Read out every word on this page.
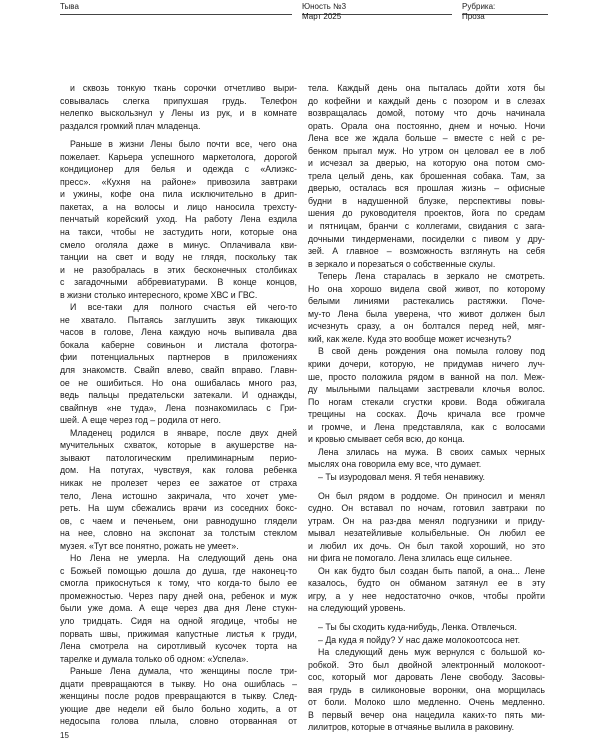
Тыва	Юность №3
Март 2025
Рубрика:
Проза
и сквозь тонкую ткань сорочки отчетливо выри-
совывалась слегка припухшая грудь. Телефон
нелепко выскользнул у Лены из рук, и в комнате
раздался громкий плач младенца.
Раньше в жизни Лены было почти все, чего она
пожелает. Карьера успешного маркетолога, дорогой
кондиционер для белья и одежда с «Алиэкс-
пресс». «Кухня на районе» привозила завтраки
и ужины, кофе она пила исключительно в дрип-
пакетах, а на волосы и лицо наносила трехсту-
пенчатый корейский уход. На работу Лена ездила
на такси, чтобы не застудить ноги, которые она
смело оголяла даже в минус. Оплачивала кви-
танции на свет и воду не глядя, поскольку так
и не разобралась в этих бесконечных столбиках
с загадочными аббревиатурами. В конце концов,
в жизни столько интересного, кроме ХВС и ГВС.
И все-таки для полного счастья ей чего-то
не хватало. Пытаясь заглушить звук тикающих
часов в голове, Лена каждую ночь выпивала два
бокала каберне совиньон и листала фотогра-
фии потенциальных партнеров в приложениях
для знакомств. Свайп влево, свайп вправо. Главн-
ое не ошибиться. Но она ошибалась много раз,
ведь пальцы предательски затекали. И однажды,
свайпнув «не туда», Лена познакомилась с Гри-
шей. А еще через год – родила от него.
Младенец родился в январе, после двух дней
мучительных схваток, которые в акушерстве на-
зывают патологическим прелиминарным перио-
дом. На потугах, чувствуя, как голова ребенка
никак не пролезет через ее зажатое от страха
тело, Лена истошно закричала, что хочет уме-
реть. На шум сбежались врачи из соседних бокс-
ов, с чаем и печеньем, они равнодушно глядели
на нее, словно на экспонат за толстым стеклом
музея. «Тут все понятно, рожать не умеет».
Но Лена не умерла. На следующий день она
с Божьей помощью дошла до душа, где наконец-то
смогла прикоснуться к тому, что когда-то было ее
промежностью. Через пару дней она, ребенок и муж
были уже дома. А еще через два дня Лене стукн-
уло тридцать. Сидя на одной ягодице, чтобы не
порвать швы, прижимая капустные листья к груди,
Лена смотрела на сиротливый кусочек торта на
тарелке и думала только об одном: «Успела».
Раньше Лена думала, что женщины после три-
дцати превращаются в тыкву. Но она ошиблась –
женщины после родов превращаются в тыкву. След-
ующие две недели ей было больно ходить, а от
недосыпа голова плыла, словно оторванная от
тела. Каждый день она пыталась дойти хотя бы
до кофейни и каждый день с позором и в слезах
возвращалась домой, потому что дочь начинала
орать. Орала она постоянно, днем и ночью. Ночи
Лена все же ждала больше – вместе с ней с ре-
бенком прыгал муж. Но утром он целовал ее в лоб
и исчезал за дверью, на которую она потом смо-
трела целый день, как брошенная собака. Там, за
дверью, осталась вся прошлая жизнь – офисные
будни в надушенной блузке, перспективы повы-
шения до руководителя проектов, йога по средам
и пятницам, бранчи с коллегами, свидания с зага-
дочными тиндерменами, посиделки с пивом у дру-
зей. А главное – возможность взглянуть на себя
в зеркало и порезаться о собственные скулы.
Теперь Лена старалась в зеркало не смотреть.
Но она хорошо видела свой живот, по которому
белыми линиями растекались растяжки. Поче-
му-то Лена была уверена, что живот должен был
исчезнуть сразу, а он болтался перед ней, мяг-
кий, как желе. Куда это вообще может исчезнуть?
В свой день рождения она помыла голову под
крики дочери, которую, не придумав ничего луч-
ше, просто положила рядом в ванной на пол. Меж-
ду мыльными пальцами застревали клочья волос.
По ногам стекали сгустки крови. Вода обжигала
трещины на сосках. Дочь кричала все громче
и громче, и Лена представляла, как с волосами
и кровью смывает себя всю, до конца.
Лена злилась на мужа. В своих самых черных
мыслях она говорила ему все, что думает.
– Ты изуродовал меня. Я тебя ненавижу.
Он был рядом в роддоме. Он приносил и менял
судно. Он вставал по ночам, готовил завтраки по
утрам. Он на раз-два менял подгузники и приду-
мывал незатейливые колыбельные. Он любил ее
и любил их дочь. Он был такой хороший, но это
ни фига не помогало. Лена злилась еще сильнее.
Он как будто был создан быть папой, а она... Лене
казалось, будто он обманом затянул ее в эту
игру, а у нее недостаточно очков, чтобы пройти
на следующий уровень.
– Ты бы сходить куда-нибудь, Ленка. Отвлечься.
– Да куда я пойду? У нас даже молокоотсоса нет.
На следующий день муж вернулся с большой ко-
робкой. Это был двойной электронный молокоот-
сос, который мог даровать Лене свободу. Засовы-
вая грудь в силиконовые воронки, она морщилась
от боли. Молоко шло медленно. Очень медленно.
В первый вечер она нацедила каких-то пять ми-
лилитров, которые в отчаянье вылила в раковину.
15
